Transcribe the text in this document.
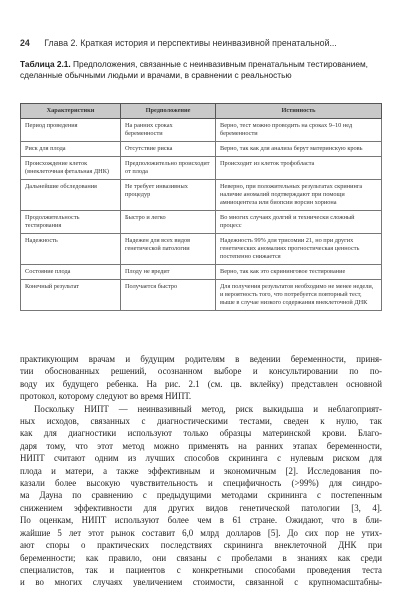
24 Глава 2. Краткая история и перспективы неинвазивной пренатальной...
Таблица 2.1. Предположения, связанные с неинвазивным пренатальным тестированием, сделанные обычными людьми и врачами, в сравнении с реальностью
Характеристики	Предположение	Истинность
Период проведения	На ранних сроках беременности	Верно, тест можно проводить на сроках 9–10 нед беременности
Риск для плода	Отсутствие риска	Верно, так как для анализа берут материнскую кровь
Происхождение клеток (внеклеточная фетальная ДНК)	Предположительно происходит от плода	Происходит из клеток трофобласта
Дальнейшие обследования	Не требует инвазивных процедур	Неверно, при положительных результатах скрининга наличие аномалий подтверждают при помощи амниоцентеза или биопсии ворсин хориона
Продолжительность тестирования	Быстро и легко	Во многих случаях долгий и технически сложный процесс
Надежность	Надежен для всех видов генетической патологии	Надежность 99% для трисомии 21, но при других генетических аномалиях прогностическая ценность постепенно снижается
Состояние плода	Плоду не вредит	Верно, так как это скрининговое тестирование
Конечный результат	Получается быстро	Для получения результатов необходимо не менее недели, и вероятность того, что потребуется повторный тест, выше в случае низкого содержания внеклеточной ДНК
практикующим врачам и будущим родителям в ведении беременности, приня-
тии обоснованных решений, осознанном выборе и консультировании по по-
воду их будущего ребенка. На рис. 2.1 (см. цв. вклейку) представлен основной
протокол, которому следуют во время НИПТ.
Поскольку НИПТ — неинвазивный метод, риск выкидыша и неблагоприят-
ных исходов, связанных с диагностическими тестами, сведен к нулю, так
как для диагностики используют только образцы материнской крови. Благо-
даря тому, что этот метод можно применять на ранних этапах беременности,
НИПТ считают одним из лучших способов скрининга с нулевым риском для
плода и матери, а также эффективным и экономичным [2]. Исследования по-
казали более высокую чувствительность и специфичность (>99%) для синдро-
ма Дауна по сравнению с предыдущими методами скрининга с постепенным
снижением эффективности для других видов генетической патологии [3, 4].
По оценкам, НИПТ используют более чем в 61 стране. Ожидают, что в бли-
жайшие 5 лет этот рынок составит 6,0 млрд долларов [5]. До сих пор не утих-
ают споры о практических последствиях скрининга внеклеточной ДНК при
беременности; как правило, они связаны с пробелами в знаниях как среди
специалистов, так и пациентов с конкретными способами проведения теста
и во многих случаях увеличением стоимости, связанной с крупномасштабны-
